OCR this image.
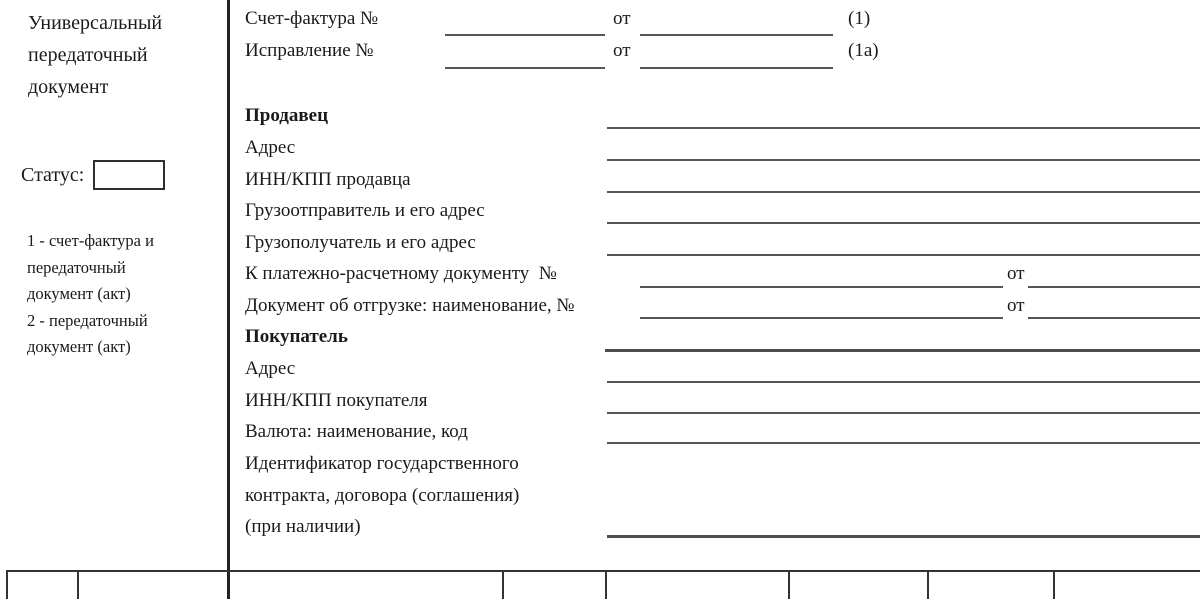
Универсальный передаточный документ
Статус:
1 - счет-фактура и передаточный документ (акт)
2 - передаточный документ (акт)
Счет-фактура №	от	(1)
Исправление №	от	(1а)
Продавец
Адрес
ИНН/КПП продавца
Грузоотправитель и его адрес
Грузополучатель и его адрес
К платежно-расчетному документу  №	от
Документ об отгрузке: наименование, №	от
Покупатель
Адрес
ИНН/КПП покупателя
Валюта: наименование, код
Идентификатор государственного
контракта, договора (соглашения)
(при наличии)
